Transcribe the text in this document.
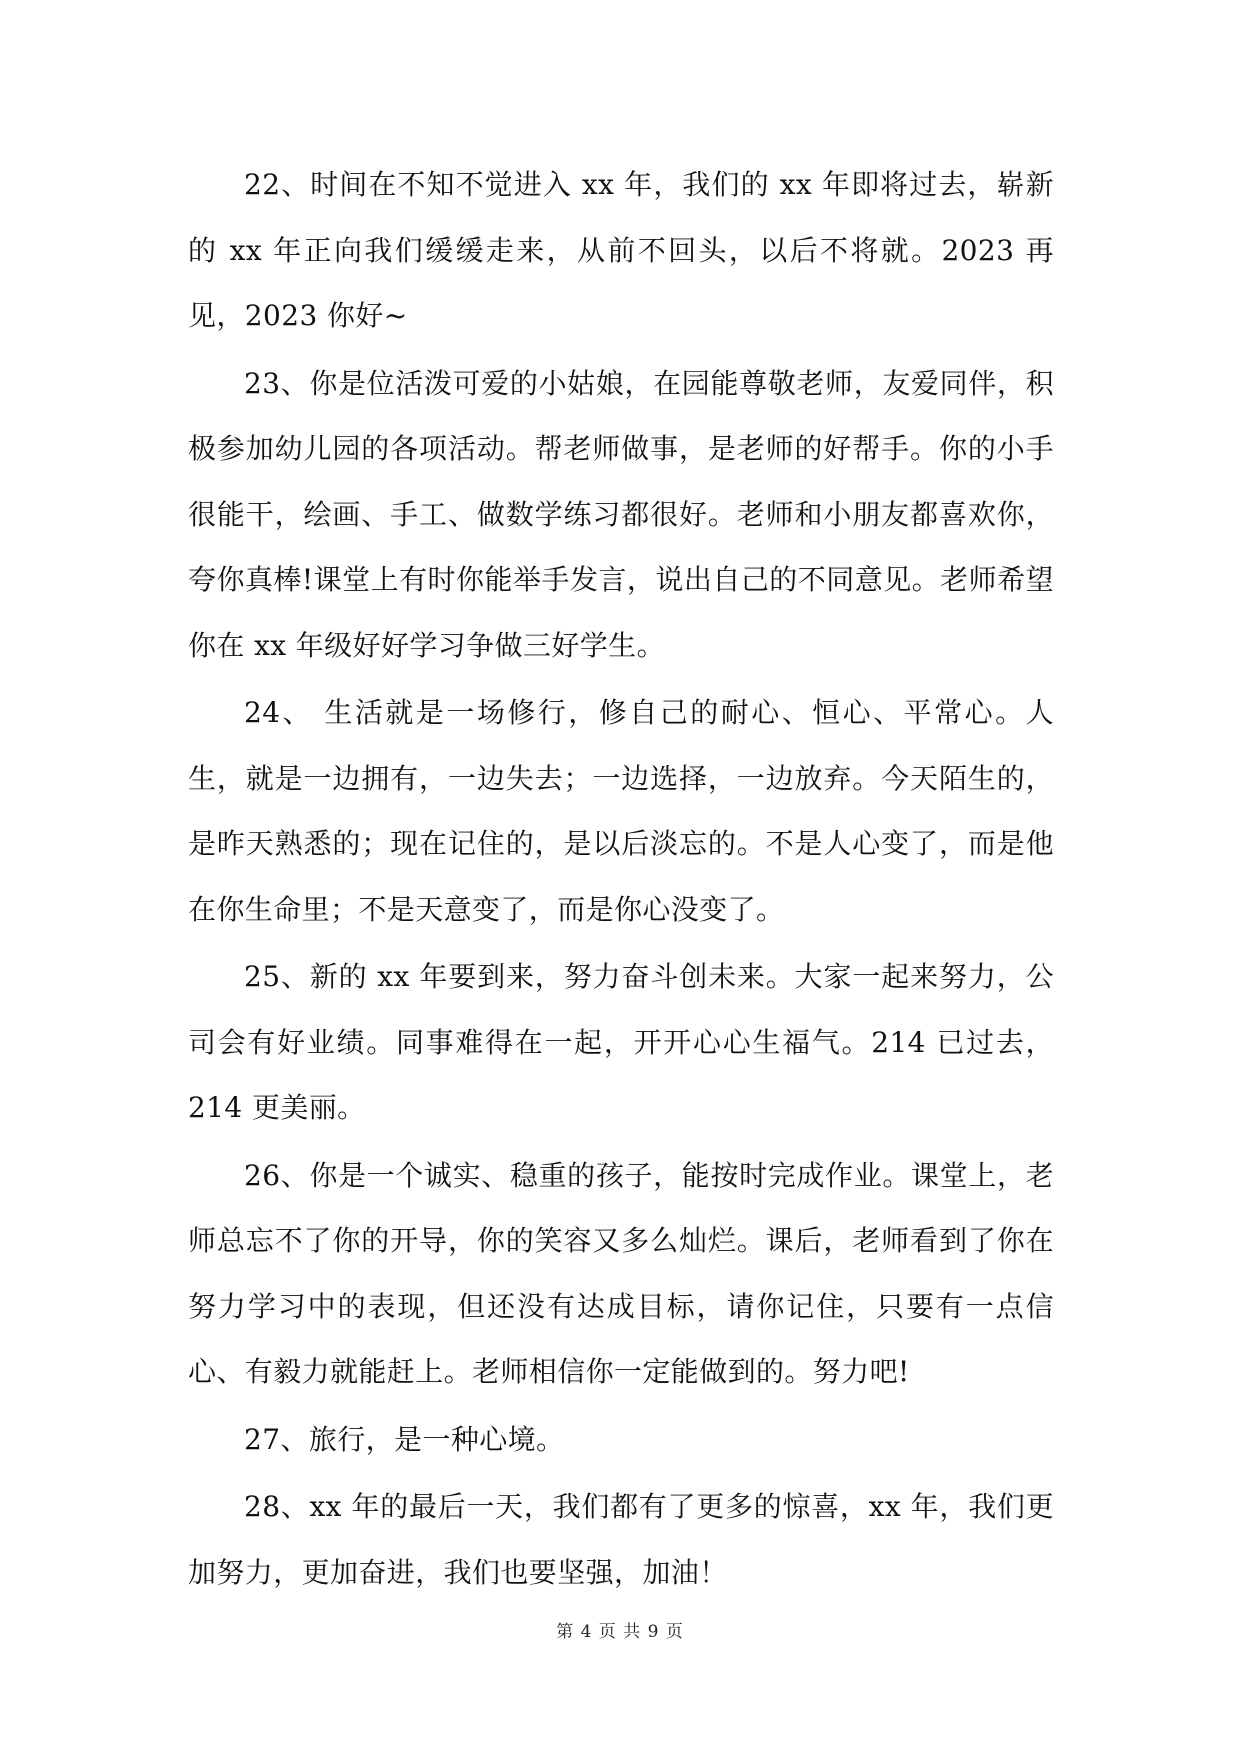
22、时间在不知不觉进入 xx 年，我们的 xx 年即将过去，崭新的 xx 年正向我们缓缓走来，从前不回头，以后不将就。2023 再见，2023 你好~

23、你是位活泼可爱的小姑娘，在园能尊敬老师，友爱同伴，积极参加幼儿园的各项活动。帮老师做事，是老师的好帮手。你的小手很能干，绘画、手工、做数学练习都很好。老师和小朋友都喜欢你，夸你真棒!课堂上有时你能举手发言，说出自己的不同意见。老师希望你在 xx 年级好好学习争做三好学生。

24、 生活就是一场修行，修自己的耐心、恒心、平常心。人生，就是一边拥有，一边失去；一边选择，一边放弃。今天陌生的，是昨天熟悉的；现在记住的，是以后淡忘的。不是人心变了，而是他在你生命里；不是天意变了，而是你心没变了。

25、新的 xx 年要到来，努力奋斗创未来。大家一起来努力，公司会有好业绩。同事难得在一起，开开心心生福气。214 已过去，214 更美丽。

26、你是一个诚实、稳重的孩子，能按时完成作业。课堂上，老师总忘不了你的开导，你的笑容又多么灿烂。课后，老师看到了你在努力学习中的表现，但还没有达成目标，请你记住，只要有一点信心、有毅力就能赶上。老师相信你一定能做到的。努力吧!

27、旅行，是一种心境。

28、xx 年的最后一天，我们都有了更多的惊喜，xx 年，我们更加努力，更加奋进，我们也要坚强，加油！

第 4 页 共 9 页
